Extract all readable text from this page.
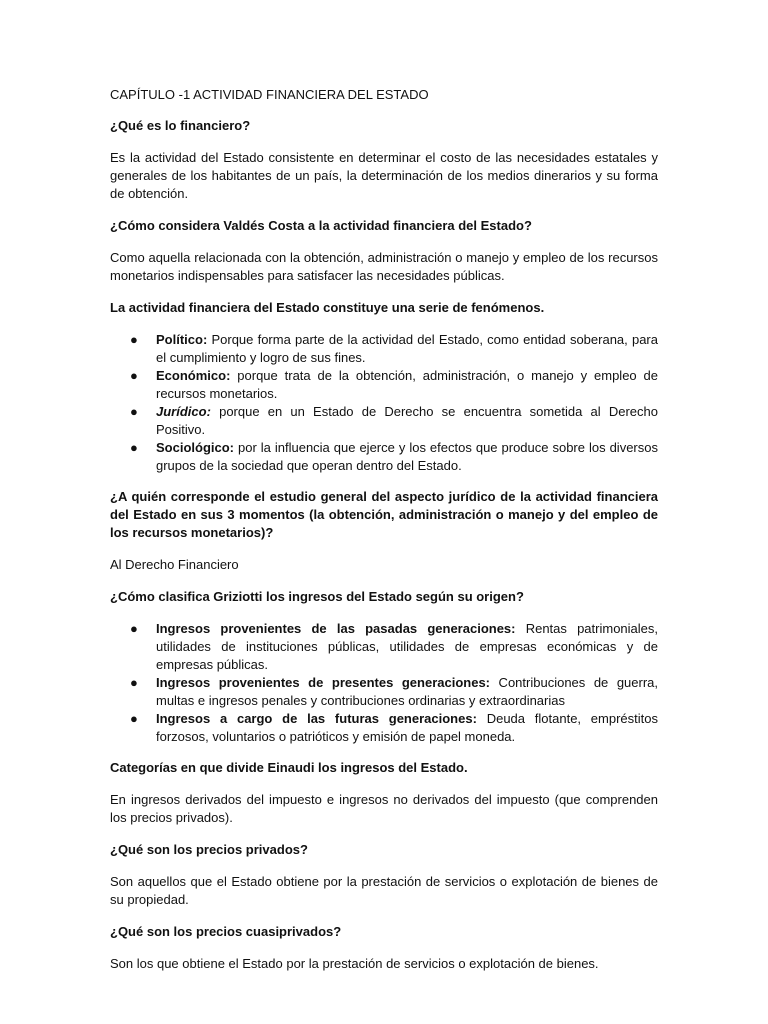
CAPÍTULO -1 ACTIVIDAD FINANCIERA DEL ESTADO

¿Qué es lo financiero?

Es la actividad del Estado consistente en determinar el costo de las necesidades estatales y generales de los habitantes de un país, la determinación de los medios dinerarios y su forma de obtención.

¿Cómo considera Valdés Costa a la actividad financiera del Estado?

Como aquella relacionada con la obtención, administración o manejo y empleo de los recursos monetarios indispensables para satisfacer las necesidades públicas.

La actividad financiera del Estado constituye una serie de fenómenos.

● Político: Porque forma parte de la actividad del Estado, como entidad soberana, para el cumplimiento y logro de sus fines.
● Económico: porque trata de la obtención, administración, o manejo y empleo de recursos monetarios.
● Jurídico: porque en un Estado de Derecho se encuentra sometida al Derecho Positivo.
● Sociológico: por la influencia que ejerce y los efectos que produce sobre los diversos grupos de la sociedad que operan dentro del Estado.

¿A quién corresponde el estudio general del aspecto jurídico de la actividad financiera del Estado en sus 3 momentos (la obtención, administración o manejo y del empleo de los recursos monetarios)?

Al Derecho Financiero

¿Cómo clasifica Griziotti los ingresos del Estado según su origen?

● Ingresos provenientes de las pasadas generaciones: Rentas patrimoniales, utilidades de instituciones públicas, utilidades de empresas económicas y de empresas públicas.
● Ingresos provenientes de presentes generaciones: Contribuciones de guerra, multas e ingresos penales y contribuciones ordinarias y extraordinarias
● Ingresos a cargo de las futuras generaciones: Deuda flotante, empréstitos forzosos, voluntarios o patrióticos y emisión de papel moneda.

Categorías en que divide Einaudi los ingresos del Estado.

En ingresos derivados del impuesto e ingresos no derivados del impuesto (que comprenden los precios privados).

¿Qué son los precios privados?

Son aquellos que el Estado obtiene por la prestación de servicios o explotación de bienes de su propiedad.

¿Qué son los precios cuasiprivados?

Son los que obtiene el Estado por la prestación de servicios o explotación de bienes.
